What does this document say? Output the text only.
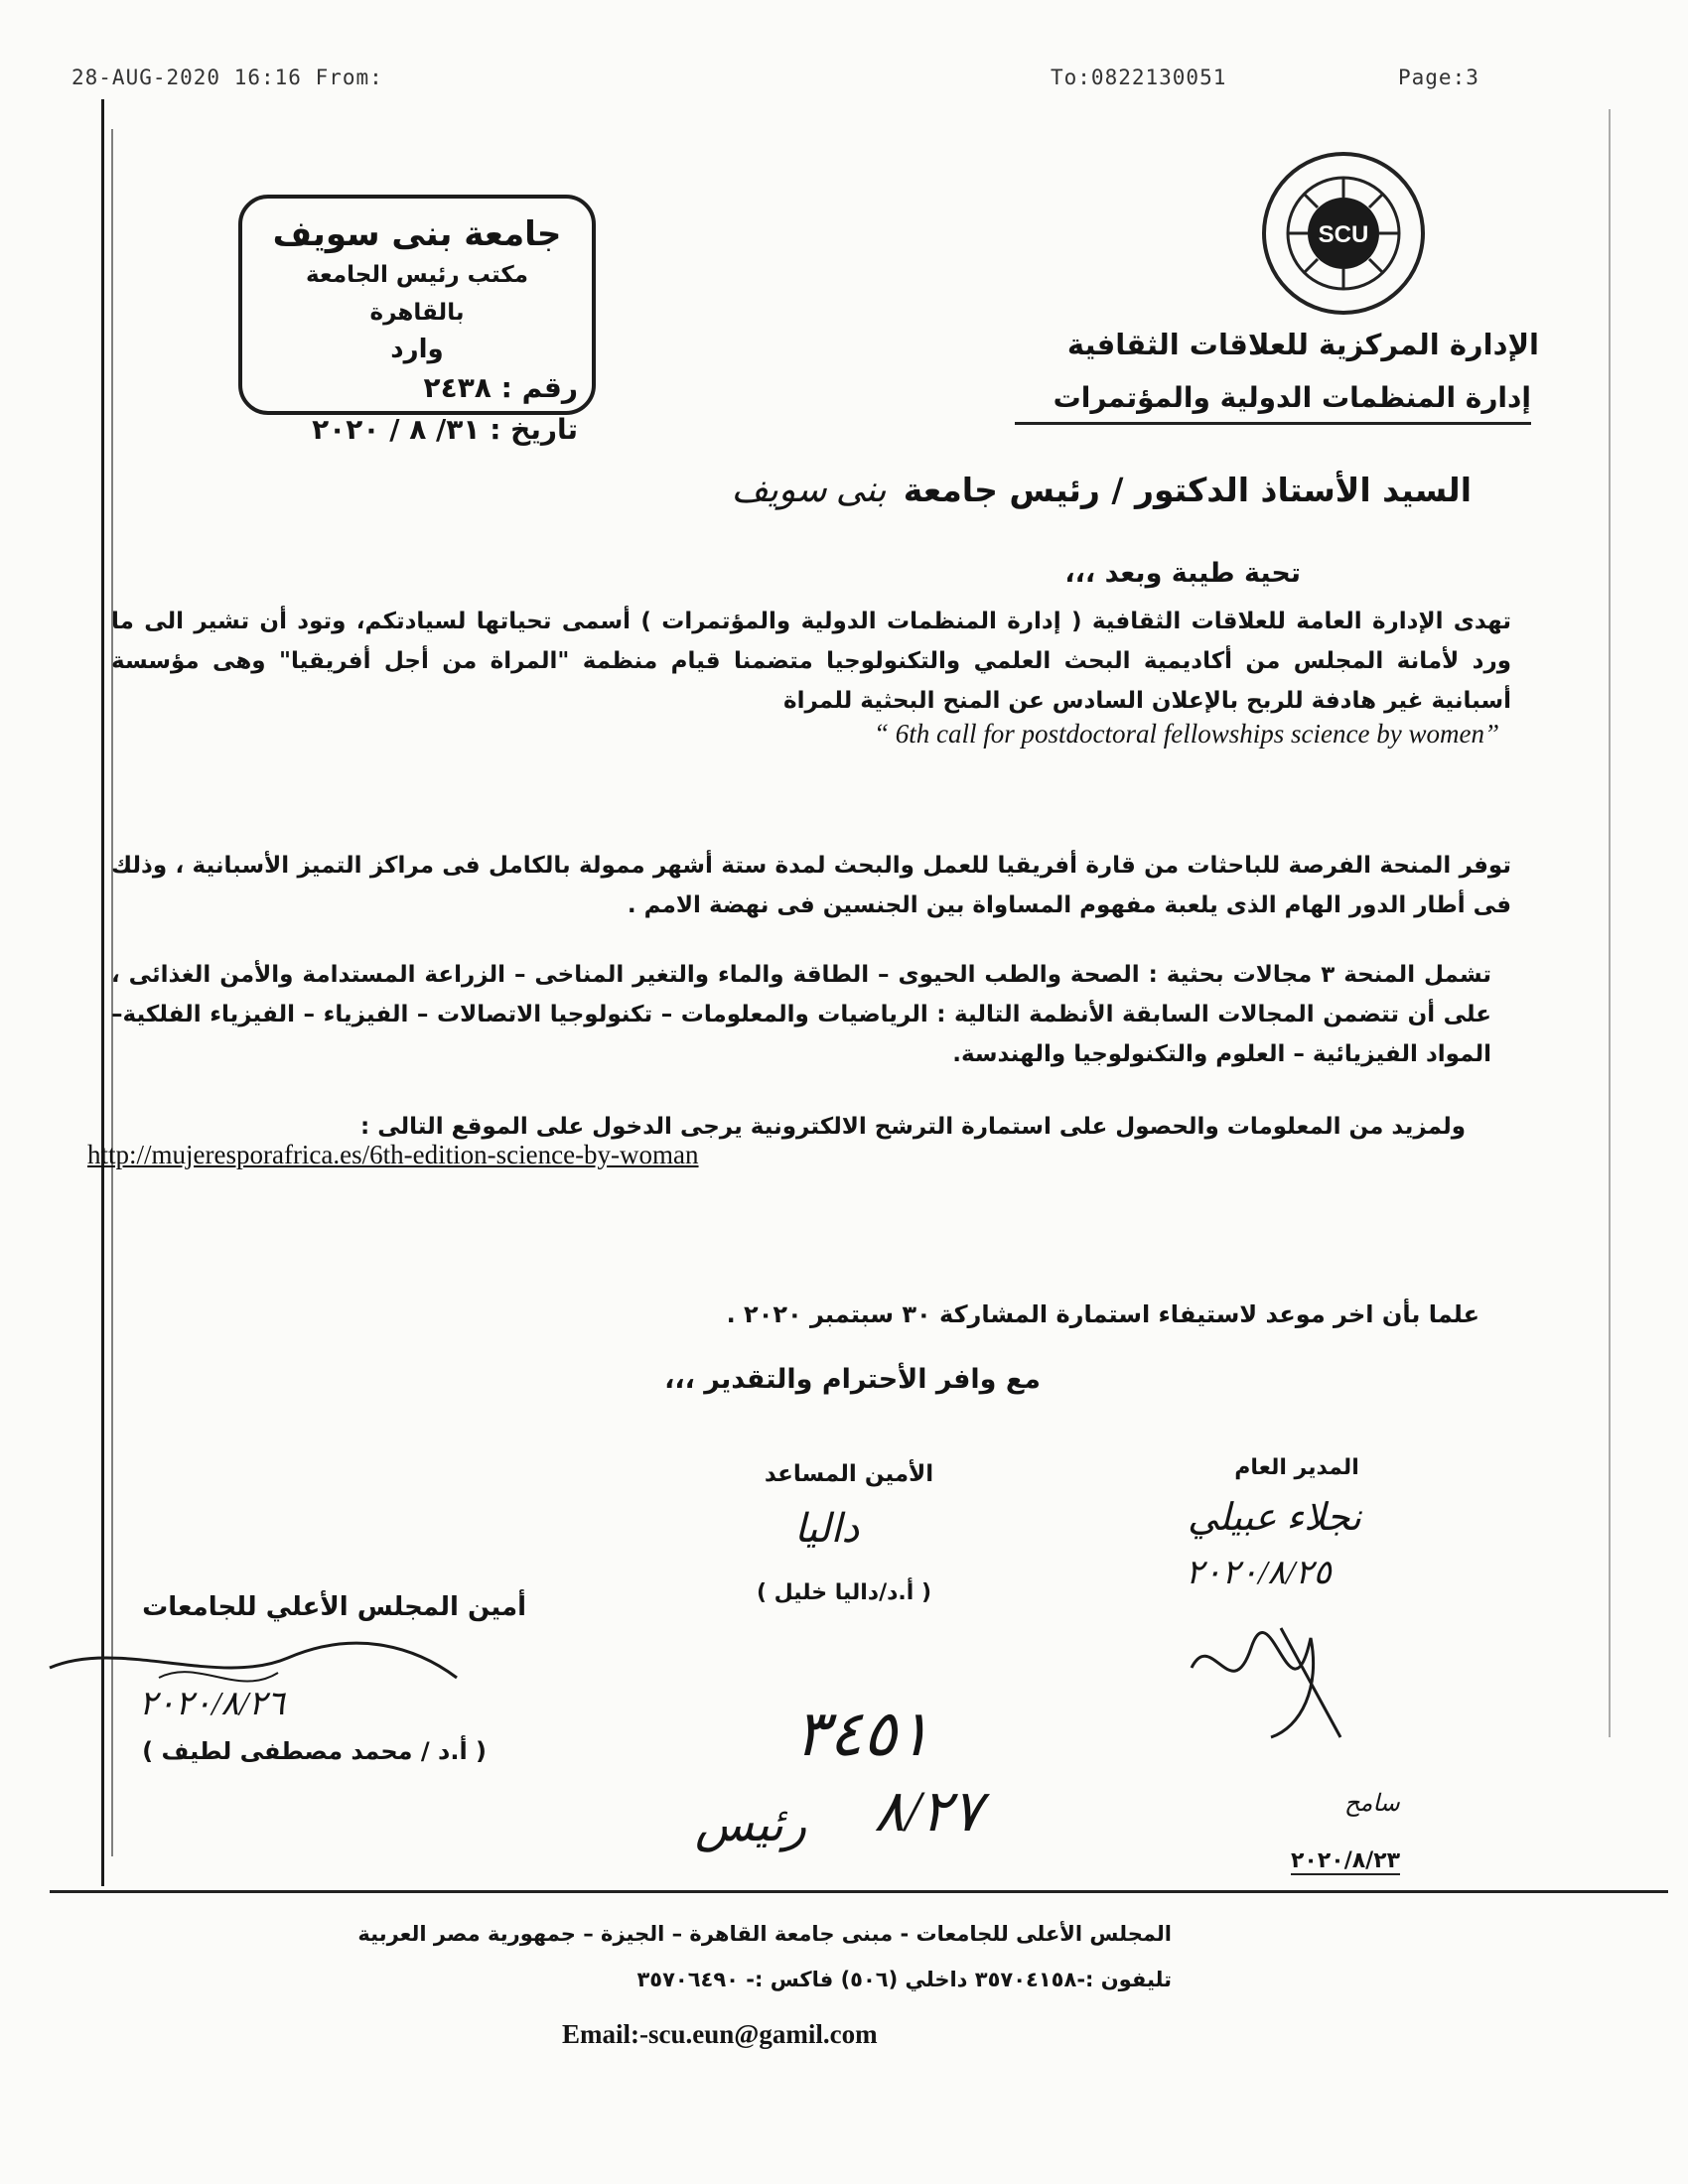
28-AUG-2020 16:16 From:	To:0822130051	Page:3
جامعة بنى سويف
مكتب رئيس الجامعة بالقاهرة
وارد
رقم : ٢٤٣٨
تاريخ : ٣١/ ٨ / ٢٠٢٠
SCU
الإدارة المركزية للعلاقات الثقافية
إدارة المنظمات الدولية والمؤتمرات
السيد الأستاذ الدكتور / رئيس جامعة بنى سويف
تحية طيبة وبعد ،،،
تهدى الإدارة العامة للعلاقات الثقافية ( إدارة المنظمات الدولية والمؤتمرات ) أسمى تحياتها لسيادتكم، وتود أن تشير الى ما ورد لأمانة المجلس من أكاديمية البحث العلمي والتكنولوجيا متضمنا قيام منظمة "المراة من أجل أفريقيا" وهى مؤسسة أسبانية غير هادفة للربح بالإعلان السادس عن المنح البحثية للمراة
“ 6th call for postdoctoral fellowships science by women”
توفر المنحة الفرصة للباحثات من قارة أفريقيا للعمل والبحث لمدة ستة أشهر ممولة بالكامل فى مراكز التميز الأسبانية ، وذلك فى أطار الدور الهام الذى يلعبة مفهوم المساواة بين الجنسين فى نهضة الامم .
تشمل المنحة ٣ مجالات بحثية : الصحة والطب الحيوى – الطاقة والماء والتغير المناخى – الزراعة المستدامة والأمن الغذائى ، على أن تتضمن المجالات السابقة الأنظمة التالية : الرياضيات والمعلومات – تكنولوجيا الاتصالات – الفيزياء – الفيزياء الفلكية– المواد الفيزيائية – العلوم والتكنولوجيا والهندسة.
ولمزيد من المعلومات والحصول على استمارة الترشح الالكترونية يرجى الدخول على الموقع التالى :
http://mujeresporafrica.es/6th-edition-science-by-woman
علما بأن اخر موعد لاستيفاء استمارة المشاركة ٣٠ سبتمبر ٢٠٢٠ .
مع وافر الأحترام والتقدير ،،،
المدير العام
نجلاء عبيلي
٢٠٢٠/٨/٢٥
الأمين المساعد
داليا
( أ.د/داليا خليل )
أمين المجلس الأعلي للجامعات
٢٠٢٠/٨/٢٦
( أ.د / محمد مصطفى لطيف )	٣٤٥١
٨/٢٧
رئيس	سامح
٢٠٢٠/٨/٢٣
المجلس الأعلى للجامعات - مبنى جامعة القاهرة – الجيزة – جمهورية مصر العربية
تليفون :-٣٥٧٠٤١٥٨ داخلي (٥٠٦) فاكس :- ٣٥٧٠٦٤٩٠
Email:-scu.eun@gamil.com
